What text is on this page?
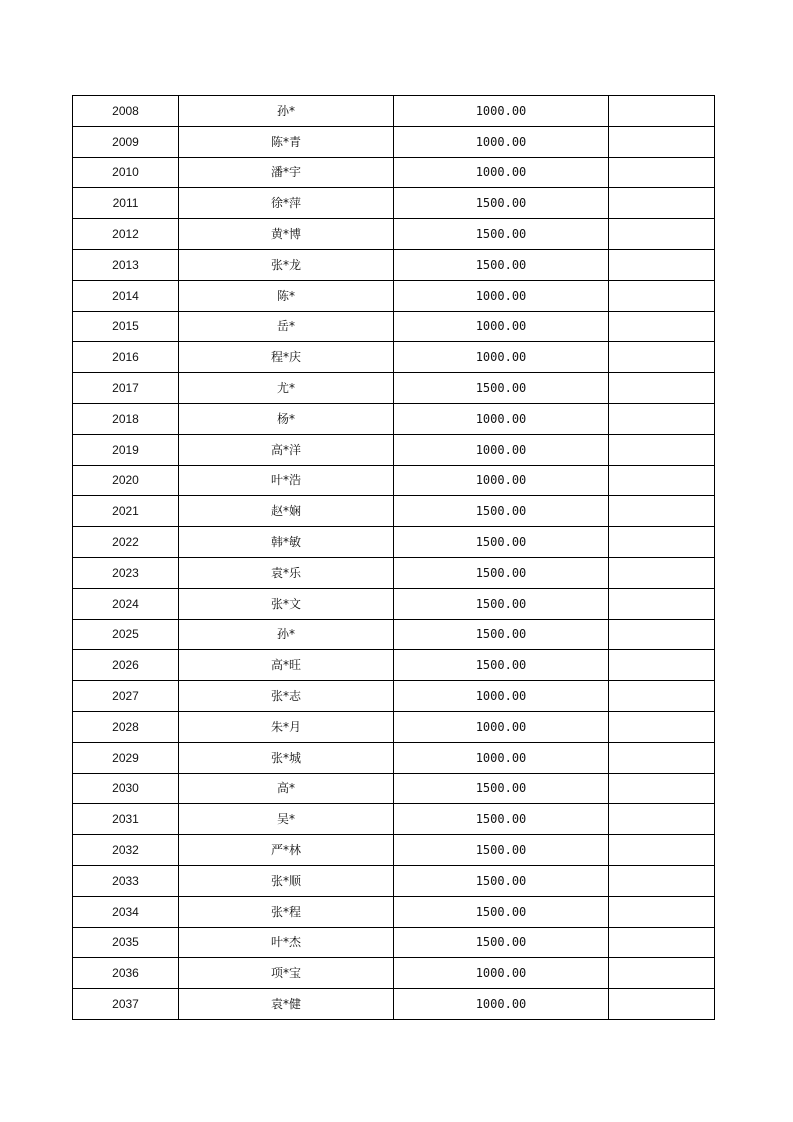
2008	孙*	1000.00	
2009	陈*青	1000.00	
2010	潘*宇	1000.00	
2011	徐*萍	1500.00	
2012	黄*博	1500.00	
2013	张*龙	1500.00	
2014	陈*	1000.00	
2015	岳*	1000.00	
2016	程*庆	1000.00	
2017	尤*	1500.00	
2018	杨*	1000.00	
2019	高*洋	1000.00	
2020	叶*浩	1000.00	
2021	赵*娴	1500.00	
2022	韩*敏	1500.00	
2023	袁*乐	1500.00	
2024	张*文	1500.00	
2025	孙*	1500.00	
2026	高*旺	1500.00	
2027	张*志	1000.00	
2028	朱*月	1000.00	
2029	张*城	1000.00	
2030	高*	1500.00	
2031	吴*	1500.00	
2032	严*林	1500.00	
2033	张*顺	1500.00	
2034	张*程	1500.00	
2035	叶*杰	1500.00	
2036	项*宝	1000.00	
2037	袁*健	1000.00	
